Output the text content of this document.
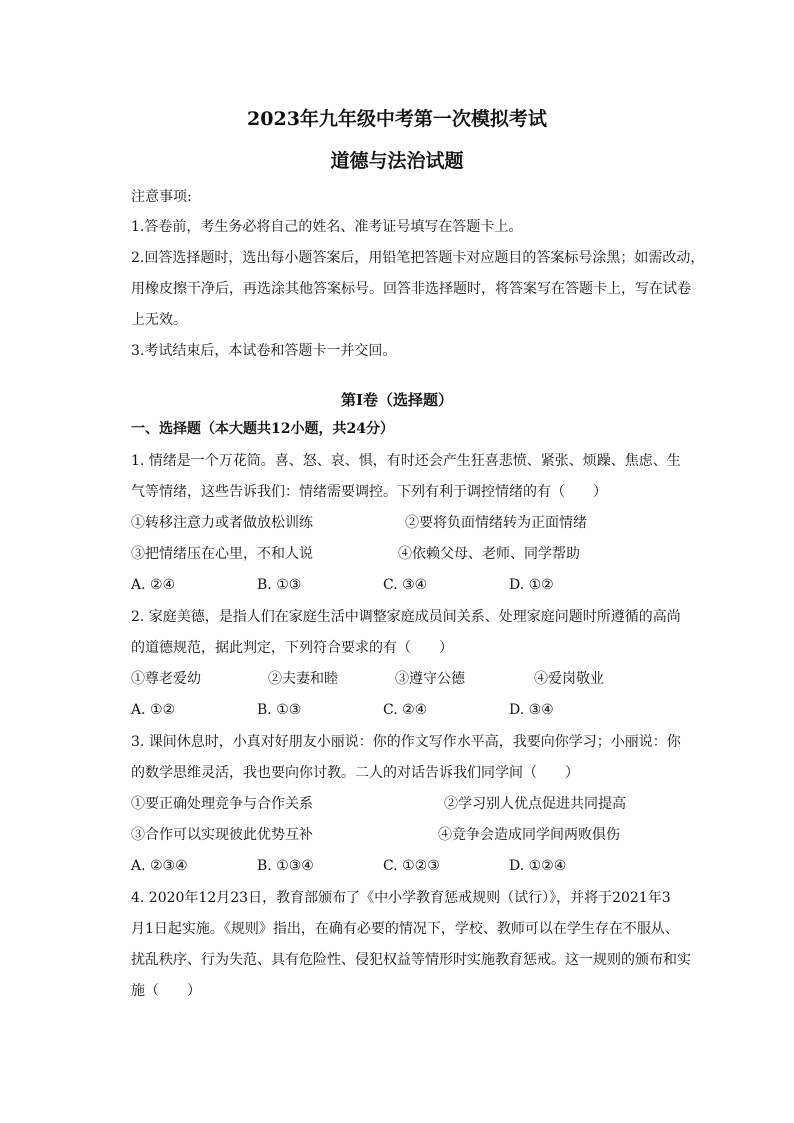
2023年九年级中考第一次模拟考试
道德与法治试题
注意事项:
1.答卷前，考生务必将自己的姓名、准考证号填写在答题卡上。
2.回答选择题时，选出每小题答案后，用铅笔把答题卡对应题目的答案标号涂黑；如需改动，
用橡皮擦干净后，再选涂其他答案标号。回答非选择题时，将答案写在答题卡上，写在试卷
上无效。
3.考试结束后，本试卷和答题卡一并交回。
第I卷（选择题）
一、选择题（本大题共12小题，共24分）
1. 情绪是一个万花筒。喜、怒、哀、惧，有时还会产生狂喜悲愤、紧张、烦躁、焦虑、生
气等情绪，这些告诉我们：情绪需要调控。下列有利于调控情绪的有（　　）
①转移注意力或者做放松训练	②要将负面情绪转为正面情绪
③把情绪压在心里，不和人说	④依赖父母、老师、同学帮助
A. ②④	B. ①③	C. ③④	D. ①②
2. 家庭美德，是指人们在家庭生活中调整家庭成员间关系、处理家庭问题时所遵循的高尚
的道德规范，据此判定，下列符合要求的有（　　）
①尊老爱幼	②夫妻和睦	③遵守公德	④爱岗敬业
A. ①②	B. ①③	C. ②④	D. ③④
3. 课间休息时，小真对好朋友小丽说：你的作文写作水平高，我要向你学习；小丽说：你
的数学思维灵活，我也要向你讨教。二人的对话告诉我们同学间（　　）
①要正确处理竞争与合作关系	②学习别人优点促进共同提高
③合作可以实现彼此优势互补	④竞争会造成同学间两败俱伤
A. ②③④	B. ①③④	C. ①②③	D. ①②④
4. 2020年12月23日，教育部颁布了《中小学教育惩戒规则（试行）》，并将于2021年3
月1日起实施。《规则》指出，在确有必要的情况下，学校、教师可以在学生存在不服从、
扰乱秩序、行为失范、具有危险性、侵犯权益等情形时实施教育惩戒。这一规则的颁布和实
施（　　）
